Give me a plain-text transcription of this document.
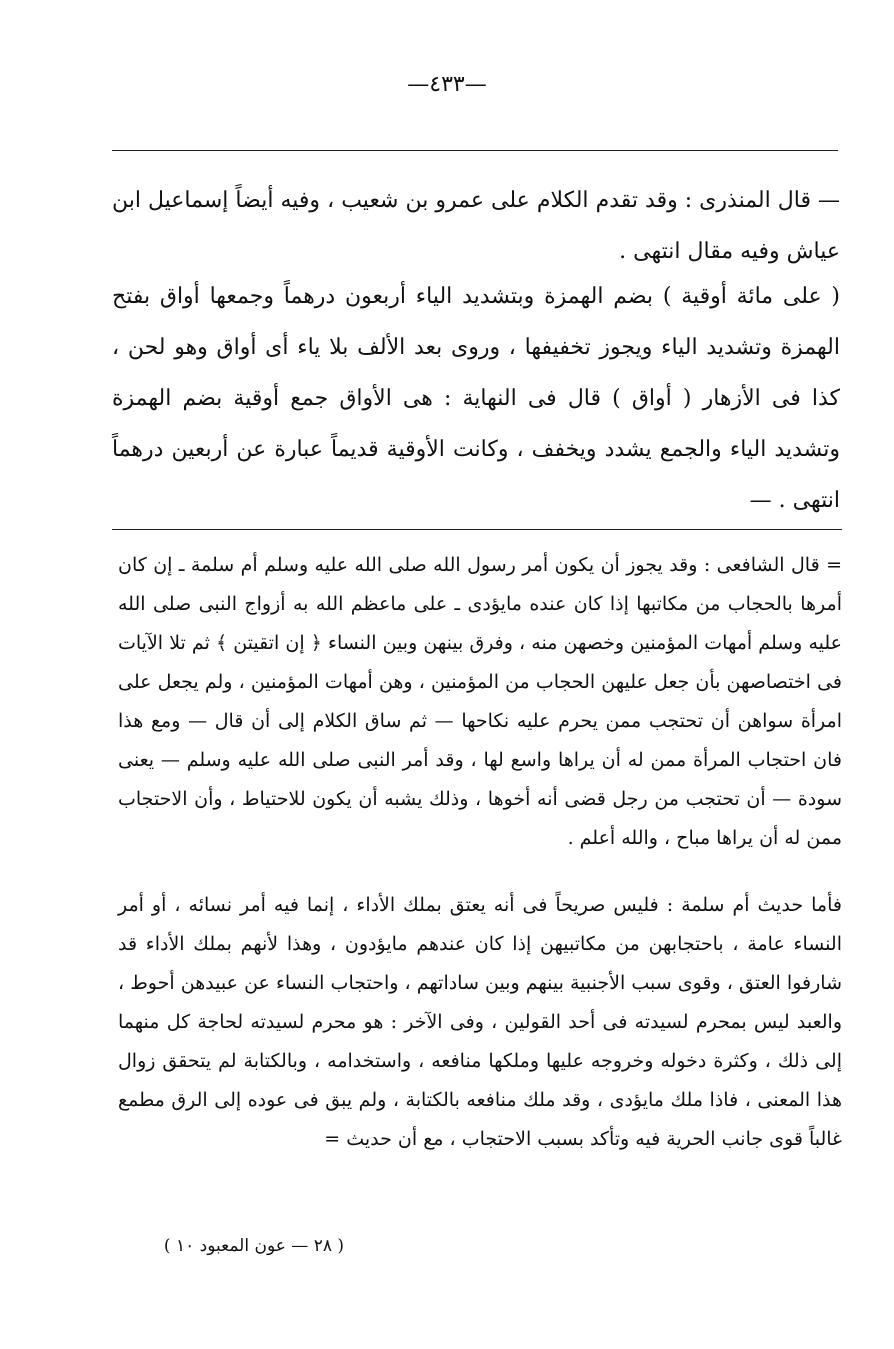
—٤٣٣—

— قال المنذرى : وقد تقدم الكلام على عمرو بن شعيب ، وفيه أيضاً إسماعيل ابن عياش وفيه مقال انتهى .

( على مائة أوقية ) بضم الهمزة وبتشديد الياء أربعون درهماً وجمعها أواق بفتح الهمزة وتشديد الياء ويجوز تخفيفها ، وروى بعد الألف بلا ياء أى أواق وهو لحن ، كذا فى الأزهار ( أواق ) قال فى النهاية : هى الأواق جمع أوقية بضم الهمزة وتشديد الياء والجمع يشدد ويخفف ، وكانت الأوقية قديماً عبارة عن أربعين درهماً انتهى . —

= قال الشافعى : وقد يجوز أن يكون أمر رسول الله صلى الله عليه وسلم أم سلمة ـ إن كان أمرها بالحجاب من مكاتبها إذا كان عنده مايؤدى ـ على ماعظم الله به أزواج النبى صلى الله عليه وسلم أمهات المؤمنين وخصهن منه ، وفرق بينهن وبين النساء ﴿ إن اتقيتن ﴾ ثم تلا الآيات فى اختصاصهن بأن جعل عليهن الحجاب من المؤمنين ، وهن أمهات المؤمنين ، ولم يجعل على امرأة سواهن أن تحتجب ممن يحرم عليه نكاحها — ثم ساق الكلام إلى أن قال — ومع هذا فان احتجاب المرأة ممن له أن يراها واسع لها ، وقد أمر النبى صلى الله عليه وسلم — يعنى سودة — أن تحتجب من رجل قضى أنه أخوها ، وذلك يشبه أن يكون للاحتياط ، وأن الاحتجاب ممن له أن يراها مباح ، والله أعلم .

فأما حديث أم سلمة : فليس صريحاً فى أنه يعتق بملك الأداء ، إنما فيه أمر نسائه ، أو أمر النساء عامة ، باحتجابهن من مكاتبيهن إذا كان عندهم مايؤدون ، وهذا لأنهم بملك الأداء قد شارفوا العتق ، وقوى سبب الأجنبية بينهم وبين ساداتهم ، واحتجاب النساء عن عبيدهن أحوط ، والعبد ليس بمحرم لسيدته فى أحد القولين ، وفى الآخر : هو محرم لسيدته لحاجة كل منهما إلى ذلك ، وكثرة دخوله وخروجه عليها وملكها منافعه ، واستخدامه ، وبالكتابة لم يتحقق زوال هذا المعنى ، فاذا ملك مايؤدى ، وقد ملك منافعه بالكتابة ، ولم يبق فى عوده إلى الرق مطمع غالباً قوى جانب الحرية فيه وتأكد بسبب الاحتجاب ، مع أن حديث =

( ٢٨ — عون المعبود ١٠ )
